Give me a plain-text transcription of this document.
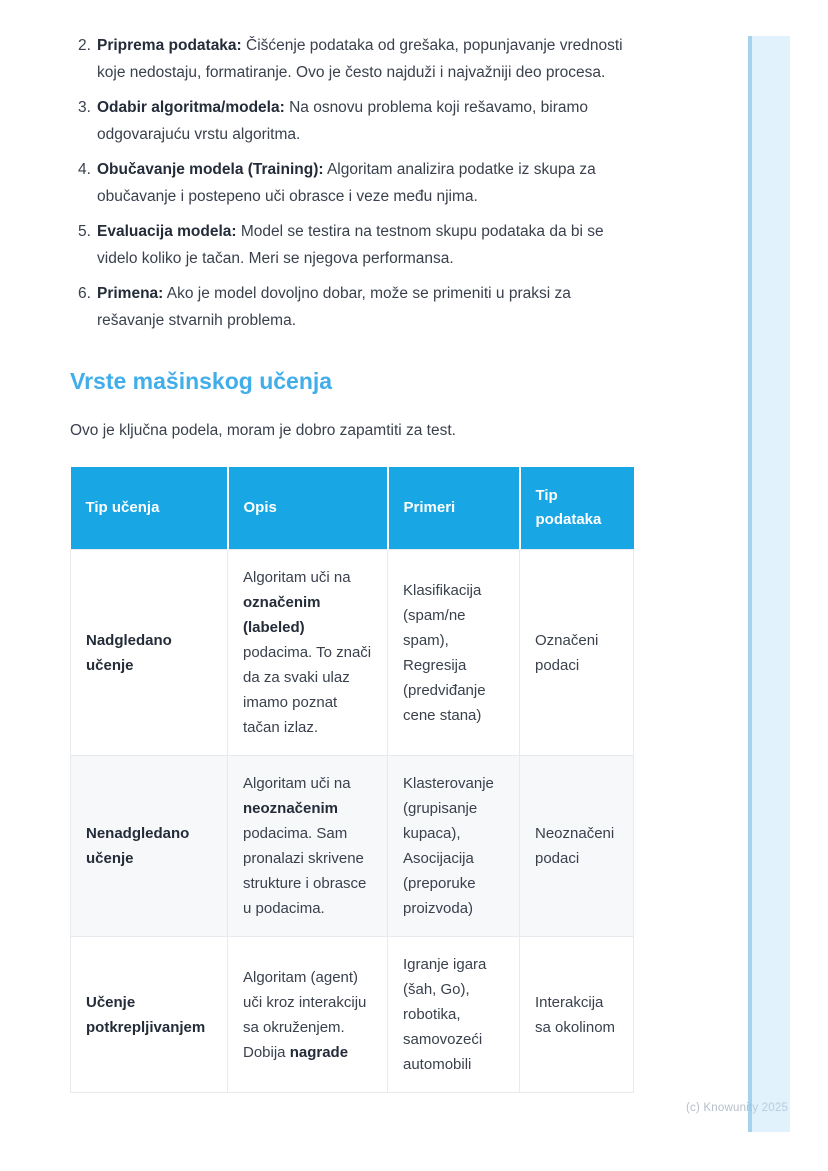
2. Priprema podataka: Čišćenje podataka od grešaka, popunjavanje vrednosti koje nedostaju, formatiranje. Ovo je često najduži i najvažniji deo procesa.
3. Odabir algoritma/modela: Na osnovu problema koji rešavamo, biramo odgovarajuću vrstu algoritma.
4. Obučavanje modela (Training): Algoritam analizira podatke iz skupa za obučavanje i postepeno uči obrasce i veze među njima.
5. Evaluacija modela: Model se testira na testnom skupu podataka da bi se videlo koliko je tačan. Meri se njegova performansa.
6. Primena: Ako je model dovoljno dobar, može se primeniti u praksi za rešavanje stvarnih problema.
Vrste mašinskog učenja

Ovo je ključna podela, moram je dobro zapamtiti za test.

Tip učenja	Opis	Primeri	Tip podataka
Nadgledano učenje	Algoritam uči na označenim (labeled) podacima. To znači da za svaki ulaz imamo poznat tačan izlaz.	Klasifikacija (spam/ne spam), Regresija (predviđanje cene stana)	Označeni podaci
Nenadgledano učenje	Algoritam uči na neoznačenim podacima. Sam pronalazi skrivene strukture i obrasce u podacima.	Klasterovanje (grupisanje kupaca), Asocijacija (preporuke proizvoda)	Neoznačeni podaci
Učenje potkrepljivanjem	Algoritam (agent) uči kroz interakciju sa okruženjem. Dobija nagrade	Igranje igara (šah, Go), robotika, samovozeći automobili	Interakcija sa okolinom
(c) Knowunity 2025
